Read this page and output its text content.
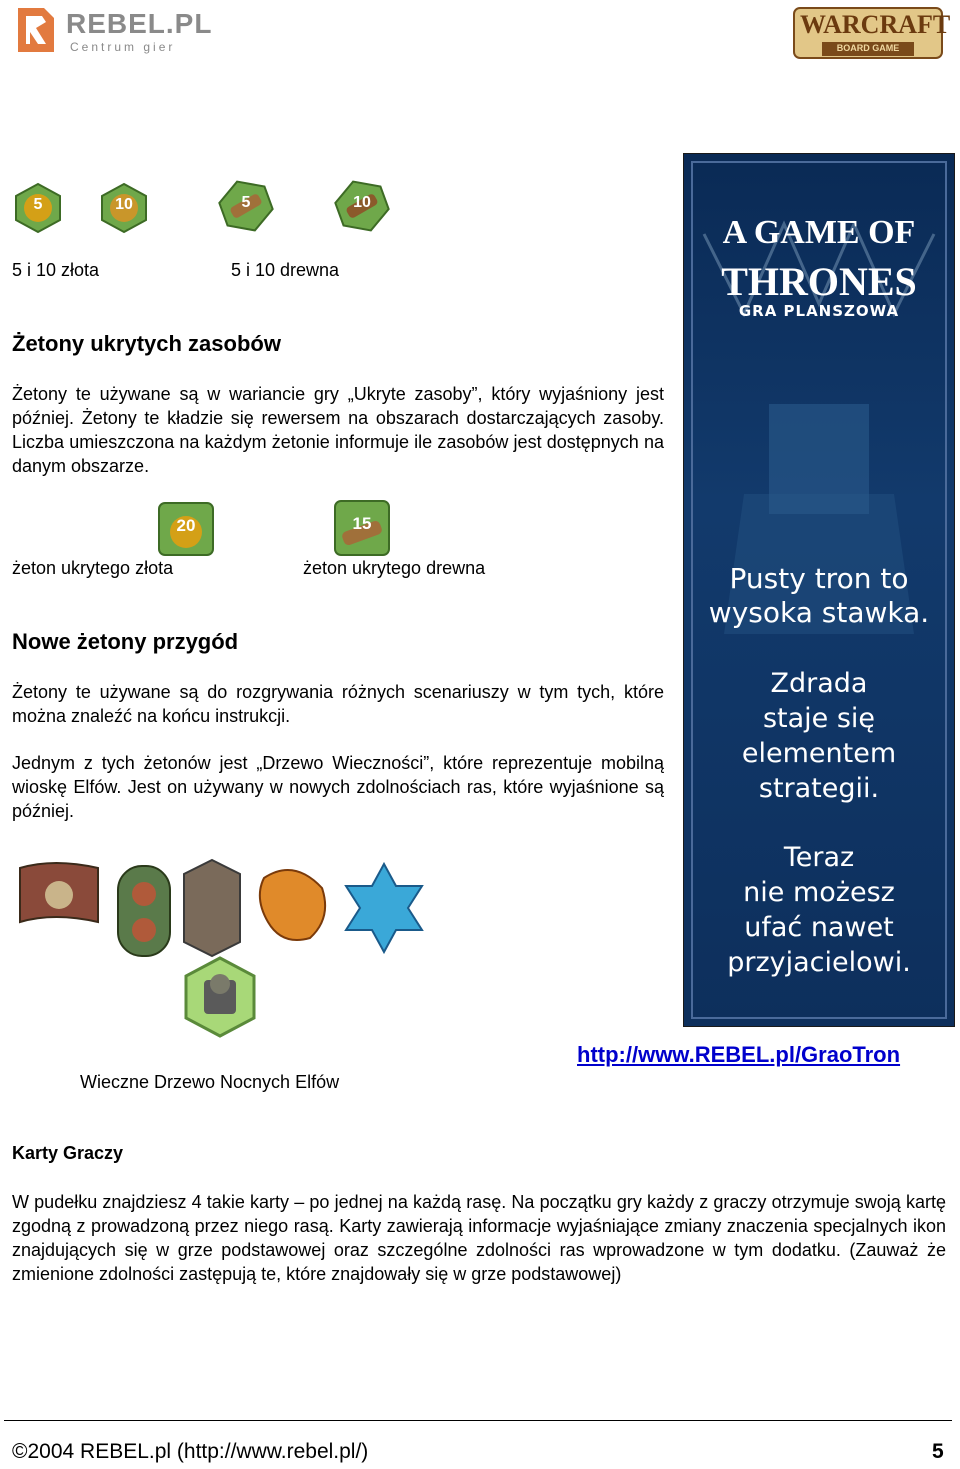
REBEL.PL
Centrum gier
WARCRAFT
BOARD GAME
5	10	5	10
5 i 10 złota	5 i 10 drewna
Żetony ukrytych zasobów
Żetony te używane są w wariancie gry „Ukryte zasoby”, który wyjaśniony jest później. Żetony te kładzie się rewersem na obszarach dostarczających zasoby. Liczba umieszczona na każdym żetonie informuje ile zasobów jest dostępnych na danym obszarze.
20	15
żeton ukrytego złota	żeton ukrytego drewna
Nowe żetony przygód
Żetony te używane są do rozgrywania różnych scenariuszy w tym tych, które można znaleźć na końcu instrukcji.
Jednym z tych żetonów jest „Drzewo Wieczności”, które reprezentuje mobilną wioskę Elfów. Jest on używany w nowych zdolnościach ras, które wyjaśnione są później.
Wieczne Drzewo Nocnych Elfów
A GAME OF
THRONES
GRA PLANSZOWA
Pusty tron to
wysoka stawka.
Zdrada
staje się
elementem
strategii.
Teraz
nie możesz
ufać nawet
przyjacielowi.
http://www.REBEL.pl/GraoTron
Karty Graczy
W pudełku znajdziesz 4 takie karty – po jednej na każdą rasę. Na początku gry każdy z graczy otrzymuje swoją kartę zgodną z prowadzoną przez niego rasą. Karty zawierają informacje wyjaśniające zmiany znaczenia specjalnych ikon znajdujących się w grze podstawowej oraz szczególne zdolności ras wprowadzone w tym dodatku. (Zauważ że zmienione zdolności zastępują te, które znajdowały się w grze podstawowej)
©2004 REBEL.pl (http://www.rebel.pl/)	5
